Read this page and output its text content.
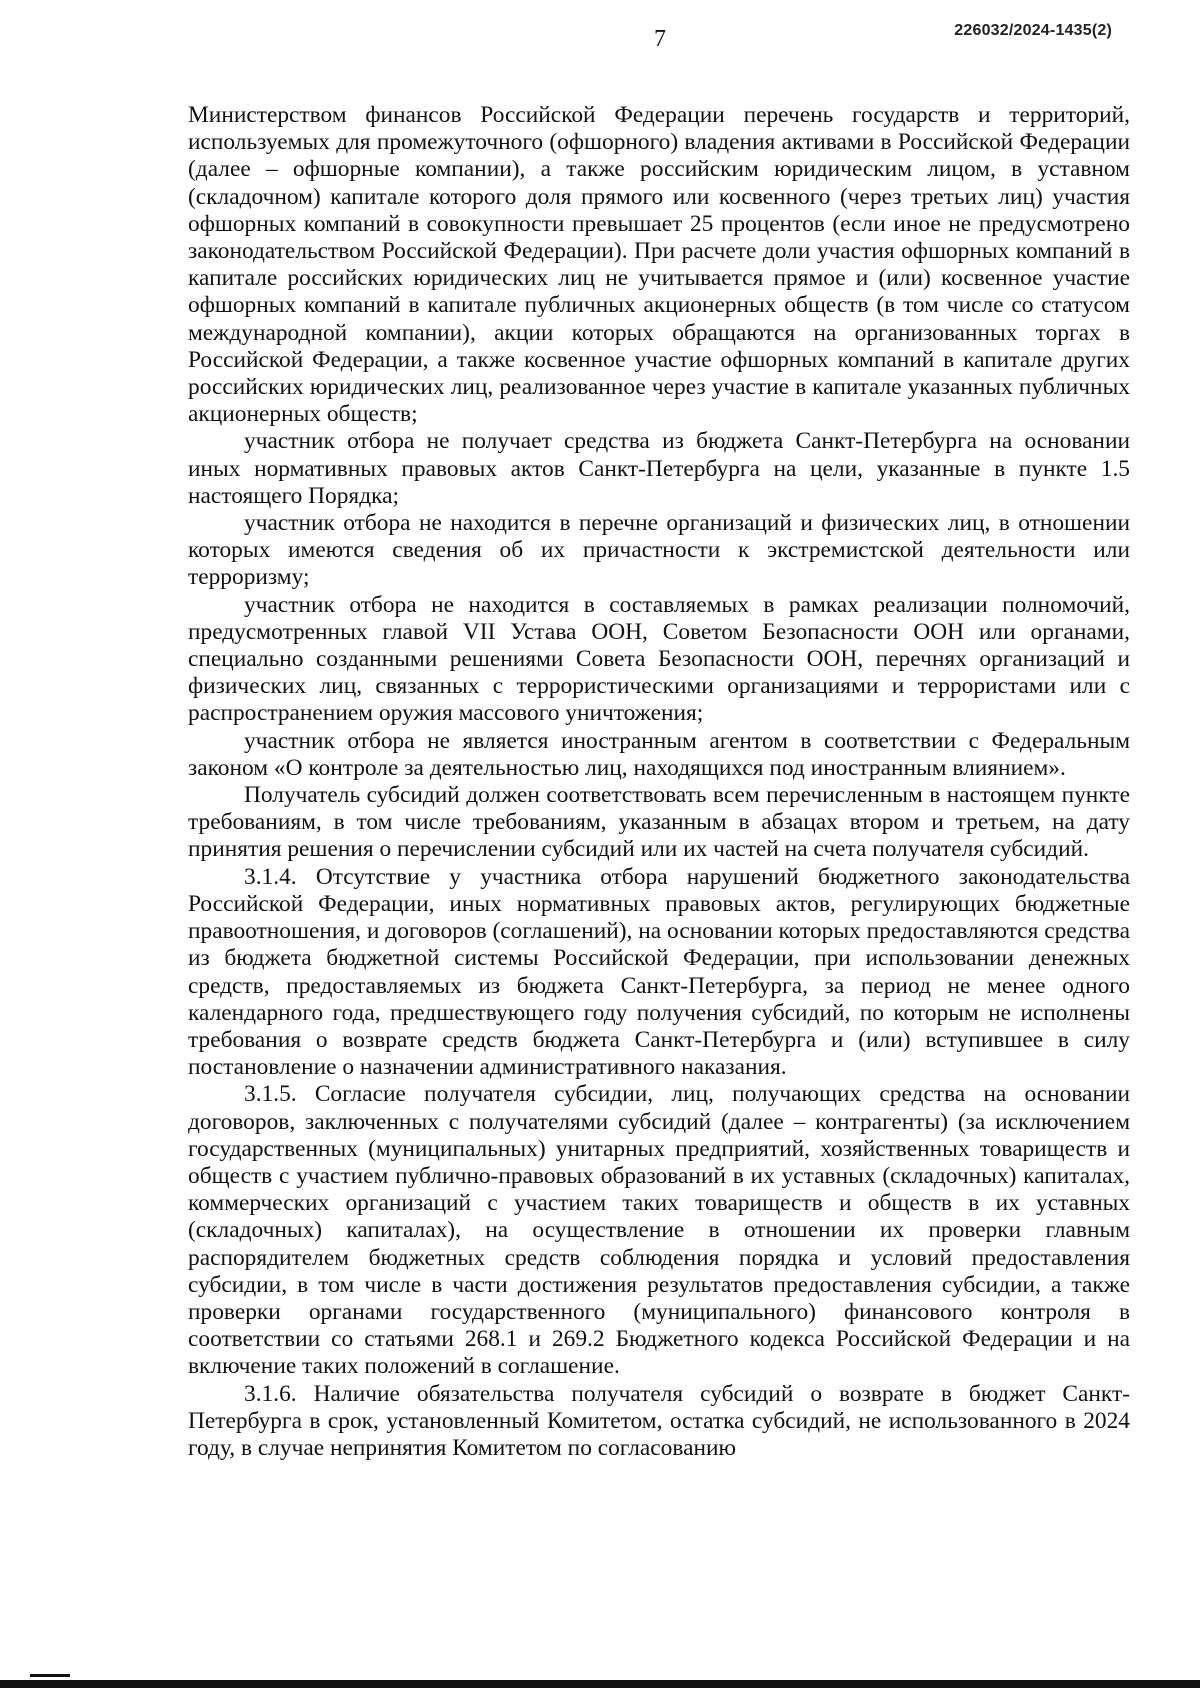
7	226032/2024-1435(2)

Министерством финансов Российской Федерации перечень государств и территорий, используемых для промежуточного (офшорного) владения активами в Российской Федерации (далее – офшорные компании), а также российским юридическим лицом, в уставном (складочном) капитале которого доля прямого или косвенного (через третьих лиц) участия офшорных компаний в совокупности превышает 25 процентов (если иное не предусмотрено законодательством Российской Федерации). При расчете доли участия офшорных компаний в капитале российских юридических лиц не учитывается прямое и (или) косвенное участие офшорных компаний в капитале публичных акционерных обществ (в том числе со статусом международной компании), акции которых обращаются на организованных торгах в Российской Федерации, а также косвенное участие офшорных компаний в капитале других российских юридических лиц, реализованное через участие в капитале указанных публичных акционерных обществ;

участник отбора не получает средства из бюджета Санкт-Петербурга на основании иных нормативных правовых актов Санкт-Петербурга на цели, указанные в пункте 1.5 настоящего Порядка;

участник отбора не находится в перечне организаций и физических лиц, в отношении которых имеются сведения об их причастности к экстремистской деятельности или терроризму;

участник отбора не находится в составляемых в рамках реализации полномочий, предусмотренных главой VII Устава ООН, Советом Безопасности ООН или органами, специально созданными решениями Совета Безопасности ООН, перечнях организаций и физических лиц, связанных с террористическими организациями и террористами или с распространением оружия массового уничтожения;

участник отбора не является иностранным агентом в соответствии с Федеральным законом «О контроле за деятельностью лиц, находящихся под иностранным влиянием».

Получатель субсидий должен соответствовать всем перечисленным в настоящем пункте требованиям, в том числе требованиям, указанным в абзацах втором и третьем, на дату принятия решения о перечислении субсидий или их частей на счета получателя субсидий.

3.1.4. Отсутствие у участника отбора нарушений бюджетного законодательства Российской Федерации, иных нормативных правовых актов, регулирующих бюджетные правоотношения, и договоров (соглашений), на основании которых предоставляются средства из бюджета бюджетной системы Российской Федерации, при использовании денежных средств, предоставляемых из бюджета Санкт-Петербурга, за период не менее одного календарного года, предшествующего году получения субсидий, по которым не исполнены требования о возврате средств бюджета Санкт-Петербурга и (или) вступившее в силу постановление о назначении административного наказания.

3.1.5. Согласие получателя субсидии, лиц, получающих средства на основании договоров, заключенных с получателями субсидий (далее – контрагенты) (за исключением государственных (муниципальных) унитарных предприятий, хозяйственных товариществ и обществ с участием публично-правовых образований в их уставных (складочных) капиталах, коммерческих организаций с участием таких товариществ и обществ в их уставных (складочных) капиталах), на осуществление в отношении их проверки главным распорядителем бюджетных средств соблюдения порядка и условий предоставления субсидии, в том числе в части достижения результатов предоставления субсидии, а также проверки органами государственного (муниципального) финансового контроля в соответствии со статьями 268.1 и 269.2 Бюджетного кодекса Российской Федерации и на включение таких положений в соглашение.

3.1.6. Наличие обязательства получателя субсидий о возврате в бюджет Санкт-Петербурга в срок, установленный Комитетом, остатка субсидий, не использованного в 2024 году, в случае непринятия Комитетом по согласованию
